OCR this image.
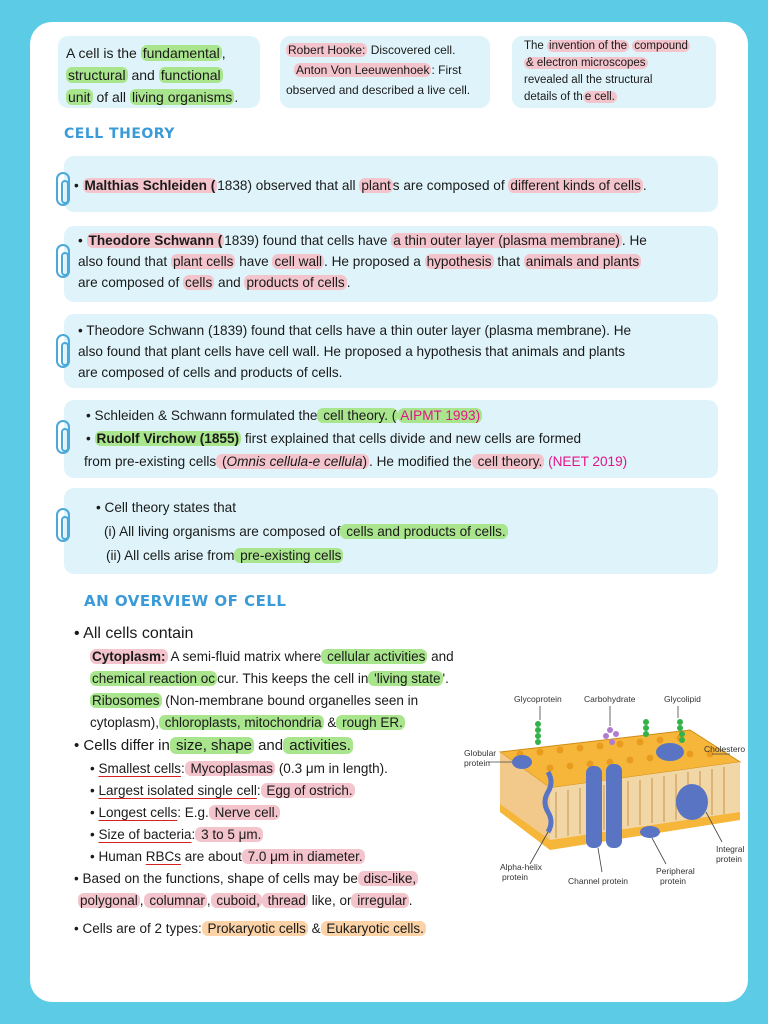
A cell is the fundamental ,
structural and functional
unit of all living organisms .
Robert Hooke: Discovered cell.
Anton Von Leeuwenhoek : First
observed and described a live cell.
The invention of the compound
& electron microscopes
revealed all the structural
details of th e cell.
CELL THEORY
• Malthias Schleiden ( 1838) observed that all plant s are composed of different kinds of cells .
• Theodore Schwann ( 1839) found that cells have a thin outer layer (plasma membrane) . He
also found that plant cells have cell wall . He proposed a hypothesis that animals and plants
are composed of cells and products of cells .
• Theodore Schwann (1839) found that cells have a thin outer layer (plasma membrane). He
also found that plant cells have cell wall. He proposed a hypothesis that animals and plants
are composed of cells and products of cells.
• Schleiden & Schwann formulated the cell theory. ( AIPMT 1993)
• Rudolf Virchow (1855) first explained that cells divide and new cells are formed
from pre-existing cells (Omnis cellula-e cellula) . He modified the cell theory. (NEET 2019)
• Cell theory states that
(i) All living organisms are composed of cells and products of cells.
(ii) All cells arise from pre-existing cells
AN OVERVIEW OF CELL
• All cells contain
Cytoplasm: A semi-fluid matrix where cellular activities and
chemical reaction oc cur. This keeps the cell in 'living state '.
Ribosomes (Non-membrane bound organelles seen in
cytoplasm), chloroplasts, mitochondria & rough ER.
• Cells differ in size, shape and activities.
• Smallest cells: Mycoplasmas (0.3 μm in length).
• Largest isolated single cell: Egg of ostrich.
• Longest cells: E.g. Nerve cell.
• Size of bacteria: 3 to 5 μm.
• Human RBCs are about 7.0 μm in diameter.
• Based on the functions, shape of cells may be disc-like,
polygonal , columnar , cuboid, thread like, or irregular .
• Cells are of 2 types: Prokaryotic cells & Eukaryotic cells.
Glycoprotein	Carbohydrate	Glycolipid
Globular
protein
Cholestero
Integral
protein
Alpha-helix
protein	Channel protein
Peripheral
protein
